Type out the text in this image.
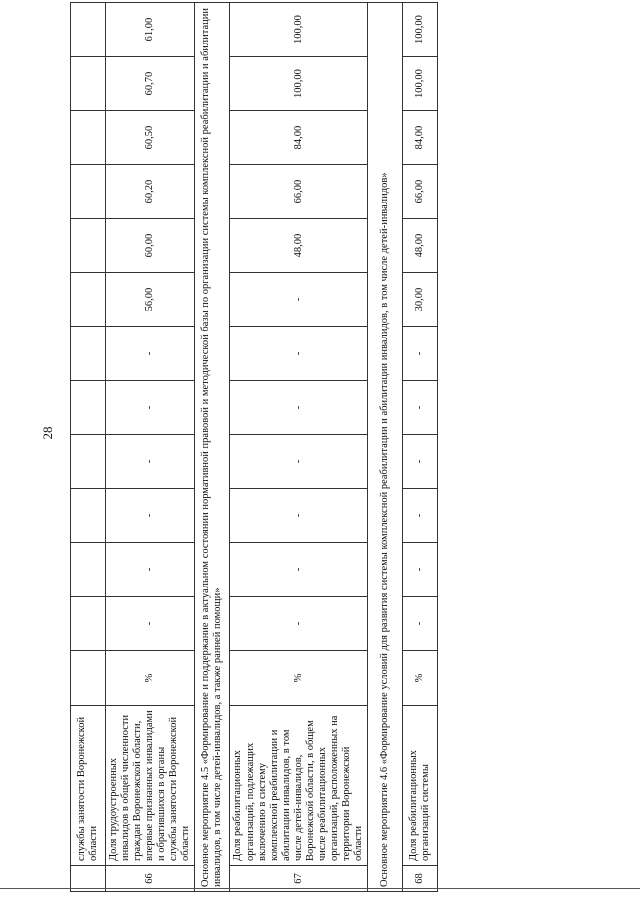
28
	службы занятости Воронежской области													
66	Доля трудоустроенных инвалидов в общей численности граждан Воронежской области, впервые признанных инвалидами и обратившихся в органы службы занятости Воронежской области	%	-	-	-	-	-	-	56,00	60,00	60,20	60,50	60,70	61,00
Основное мероприятие 4.5 «Формирование и поддержание в актуальном состоянии нормативной правовой и методической базы по организации системы комплексной реабилитации и абилитации инвалидов, в том числе детей-инвалидов, а также ранней помощи»														
67	Доля реабилитационных организаций, подлежащих включению в систему комплексной реабилитации и абилитации инвалидов, в том числе детей-инвалидов, Воронежской области, в общем числе реабилитационных организаций, расположенных на территории Воронежской области	%	-	-	-	-	-	-	-	48,00	66,00	84,00	100,00	100,00
Основное мероприятие 4.6 «Формирование условий для развития системы комплексной реабилитации и абилитации инвалидов, в том числе детей-инвалидов»														
68	Доля реабилитационных организаций системы	%	-	-	-	-	-	-	30,00	48,00	66,00	84,00	100,00	100,00
